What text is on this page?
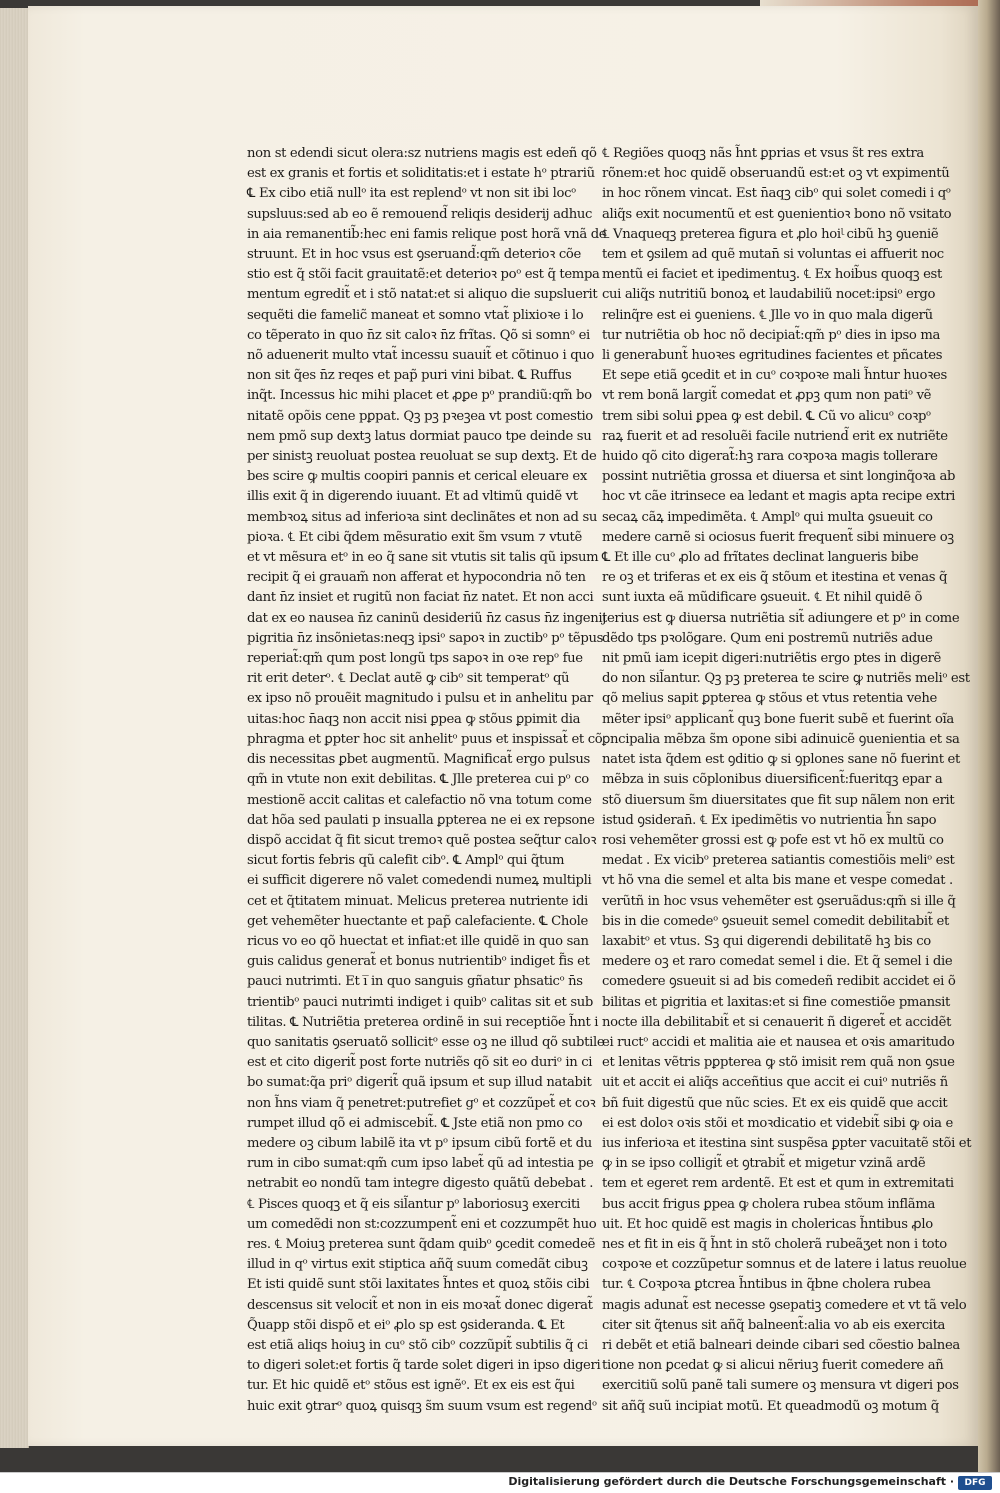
non st edendi sicut olera:sz nutriens magis est edeñ qõ
est ex granis et fortis et soliditatis:et i estate hᵒ ptrariũ
℄ Ex cibo etiã nullᵒ ita est replendᵒ vt non sit ibi locᵒ
supsluus:sed ab eo ẽ remouend̃ reliqis desiderij adhuc
in aia remanentib̃:hec eni famis relique post horã vnã de
struunt. Et in hoc vsus est ꝯseruand̃:qm̃ deterioꝛ cõe
stio est q̃ stõi facit grauitatẽ:et deterioꝛ poᵒ est q̃ tempa
mentum egredit̃ et i stõ natat:et si aliquo die supsluerit
sequẽti die famelic̃ maneat et somno vtat̃ plixioꝛe i lo
co tẽperato in quo n̄z sit caloꝛ n̄z frĩtas. Qõ si somnᵒ ei
nõ aduenerit multo vtat̃ incessu suauit̃ et cõtinuo i quo
non sit q̃es n̄z reqes et pap̃ puri vini bibat. ℄ Ruffus
inq̃t. Incessus hic mihi placet et ꝓꝑe pᵒ prandiũ:qm̃ bo
nitatẽ opõis cene pꝑpat. Qꝫ pꝫ pꝛeꝫea vt post comestio
nem pmõ sup dextꝫ latus dormiat pauco tpe deinde su
per sinistꝫ reuoluat postea reuoluat se sup dextꝫ. Et de
bes scire ꝙ multis coopiri pannis et cerical eleuare ex
illis exit q̃ in digerendo iuuant. Et ad vltimũ quidẽ vt
membꝛoꝝ situs ad inferioꝛa sint declinãtes et non ad su
pioꝛa. ℄ Et cibi q̃dem mẽsuratio exit s̃m vsum ⁊ vtutẽ
et vt mẽsura etᵒ in eo q̃ sane sit vtutis sit talis qũ ipsum
recipit q̃ ei grauam̃ non afferat et hypocondria nõ ten
dant n̄z insiet et rugitũ non faciat n̄z natet. Et non acci
dat ex eo nausea n̄z caninũ desideriũ n̄z casus n̄z ingenij
pigritia n̄z insõnietas:neqꝫ ipsiᵒ sapoꝛ in zuctibᵒ pᵒ tẽpus
reperiat̃:qm̃ qum post longũ tps sapoꝛ in oꝛe repᵒ fue
rit erit deterᵒ. ℄ Declat autẽ ꝙ cibᵒ sit temperatᵒ qũ
ex ipso nõ prouẽit magnitudo i pulsu et in anhelitu par
uitas:hoc n̄aqꝫ non accit nisi ꝑpea ꝙ stõus ꝑpimit dia
phragma et ꝑpter hoc sit anhelitᵒ puus et inspissat̃ et cõ
dis necessitas ꝑbet augmentũ. Magnificat̃ ergo pulsus
qm̃ in vtute non exit debilitas. ℄ Jlle preterea cui pᵒ co
mestionẽ accit calitas et calefactio nõ vna totum come
dat hõa sed paulati p insualla ꝑpterea ne ei ex repsone
dispõ accidat q̃ fit sicut tremoꝛ quẽ postea seq̃tur caloꝛ
sicut fortis febris qũ calefit cibᵒ. ℄ Amplᵒ qui q̃tum
ei sufficit digerere nõ valet comedendi numeꝝ multipli
cet et q̃titatem minuat. Melicus preterea nutriente idi
get vehemẽter huectante et pap̃ calefaciente. ℄ Chole
ricus vo eo qõ huectat et infiat:et ille quidẽ in quo san
guis calidus generat̃ et bonus nutrientibᵒ indiget f̃is et
pauci nutrimti. Et i̅ in quo sanguis gñatur phsaticᵒ n̄s
trientibᵒ pauci nutrimti indiget i quibᵒ calitas sit et sub
tilitas. ℄ Nutriẽtia preterea ordinẽ in sui receptiõe h̃nt i
quo sanitatis ꝯseruatõ sollicitᵒ esse oꝫ ne illud qõ subtile
est et cito digerit̃ post forte nutriẽs qõ sit eo duriᵒ in ci
bo sumat:q̃a priᵒ digerit̃ quã ipsum et sup illud natabit
non h̃ns viam q̃ penetret:putrefiet gᵒ et cozzũpet̃ et coꝛ
rumpet illud qõ ei admiscebit̃. ℄ Jste etiã non pmo co
medere oꝫ cibum labilẽ ita vt pᵒ ipsum cibũ fortẽ et du
rum in cibo sumat:qm̃ cum ipso labet̃ qũ ad intestia pe
netrabit eo nondũ tam integre digesto quãtũ debebat .
℄ Pisces quoqꝫ et q̃ eis sil̃antur pᵒ laboriosuꝫ exerciti
um comedẽdi non st:cozzumpent̃ eni et cozzumpẽt huo
res. ℄ Moiuꝫ preterea sunt q̃dam quibᵒ ꝯcedit comedeẽ
illud in qᵒ virtus exit stiptica añq̃ suum comedãt cibuꝫ
Et isti quidẽ sunt stõi laxitates h̃ntes et quoꝝ stõis cibi
descensus sit velocit̃ et non in eis moꝛat̃ donec digerat̃
Q̃uapp stõi dispõ et eiᵒ ꝓlo sp est ꝯsideranda. ℄ Et
est etiã aliqs hoiuꝫ in cuᵒ stõ cibᵒ cozzũpit̃ subtilis q̃ ci
to digeri solet:et fortis q̃ tarde solet digeri in ipso digeri
tur. Et hic quidẽ etᵒ stõus est ignẽᵒ. Et ex eis est q̃ui
huic exit ꝯtrarᵒ quoꝝ quisqꝫ s̃m suum vsum est regendᵒ
℄ Regiões quoqꝫ nãs h̃nt ꝑprias et vsus s̃t res extra
rõnem:et hoc quidẽ obseruandũ est:et oꝫ vt expimentũ
in hoc rõnem vincat. Est n̄aqꝫ cibᵒ qui solet comedi i qᵒ
aliq̃s exit nocumentũ et est ꝯuenientioꝛ bono nõ vsitato
℄ Vnaqueqꝫ preterea figura et ꝓlo hoiᶩ cibũ hꝫ ꝯueniẽ
tem et ꝯsilem ad quẽ mutan̄ si voluntas ei affuerit noc
mentũ ei faciet et ipedimentuꝫ. ℄ Ex hoib̃us quoqꝫ est
cui aliq̃s nutritiũ bonoꝝ et laudabiliũ nocet:ipsiᵒ ergo
relinq̃re est ei ꝯueniens. ℄ Jlle vo in quo mala digerũ
tur nutriẽtia ob hoc nõ decipiat̃:qm̃ pᵒ dies in ipso ma
li generabunt̃ huoꝛes egritudines facientes et pñcates
Et sepe etiã ꝯcedit et in cuᵒ coꝛpoꝛe mali h̃ntur huoꝛes
vt rem bonã largit̃ comedat et ꝓpꝫ qum non patiᵒ vẽ
trem sibi solui ꝑpea ꝙ est debil. ℄ Cũ vo alicuᵒ coꝛpᵒ
raꝝ fuerit et ad resoluẽi facile nutriend̃ erit ex nutriẽte
huido qõ cito digerat̃:hꝫ rara coꝛpoꝛa magis tollerare
possint nutriẽtia grossa et diuersa et sint longinq̃oꝛa ab
hoc vt cãe itrinsece ea ledant et magis apta recipe extri
secaꝝ cãꝝ impedimẽta. ℄ Amplᵒ qui multa ꝯsueuit co
medere carnẽ si ociosus fuerit frequent̃ sibi minuere oꝫ
℄ Et ille cuᵒ ꝓlo ad frĩtates declinat langueris bibe
re oꝫ et triferas et ex eis q̃ stõum et itestina et venas q̃
sunt iuxta eã mũdificare ꝯsueuit. ℄ Et nihil quidẽ õ
terius est ꝙ diuersa nutriẽtia sit̃ adiungere et pᵒ in come
dẽdo tps pꝛolõgare. Qum eni postremũ nutriẽs adue
nit pmũ iam icepit digeri:nutriẽtis ergo ptes in digerẽ
do non sil̃antur. Qꝫ pꝫ preterea te scire ꝙ nutriẽs meliᵒ est
qõ melius sapit ꝑpterea ꝙ stõus et vtus retentia vehe
mẽter ipsiᵒ applicant̃ quꝫ bone fuerit subẽ et fuerint oĩa
ꝑncipalia mẽbza s̃m opone sibi adinuicẽ ꝯuenientia et sa
natet ista q̃dem est ꝯditio ꝙ si ꝯplones sane nõ fuerint et
mẽbza in suis cõplonibus diuersificent̃:fueritqꝫ epar a
stõ diuersum s̃m diuersitates que fit sup nãlem non erit
istud ꝯsideran̄. ℄ Ex ipedimẽtis vo nutrientia h̃n sapo
rosi vehemẽter grossi est ꝙ pofe est vt hõ ex multũ co
medat . Ex vicibᵒ preterea satiantis comestiõis meliᵒ est
vt hõ vna die semel et alta bis mane et vespe comedat .
verũtñ in hoc vsus vehemẽter est ꝯseruãdus:qm̃ si ille q̃
bis in die comedeᵒ ꝯsueuit semel comedit debilitabit̃ et
laxabitᵒ et vtus. Sꝫ qui digerendi debilitatẽ hꝫ bis co
medere oꝫ et raro comedat semel i die. Et q̃ semel i die
comedere ꝯsueuit si ad bis comedeñ redibit accidet ei õ
bilitas et pigritia et laxitas:et si fine comestiõe pmansit
nocte illa debilitabit̃ et si cenauerit ñ digeret̃ et accidẽt
ei ructᵒ accidi et malitia aie et nausea et oꝛis amaritudo
et lenitas vẽtris pꝑpterea ꝙ stõ imisit rem quã non ꝯsue
uit et accit ei aliq̃s acceñtius que accit ei cuiᵒ nutriẽs ñ
bñ fuit digestũ que nũc scies. Et ex eis quidẽ que accit
ei est doloꝛ oꝛis stõi et moꝛdicatio et videbit̃ sibi ꝙ oia e
ius inferioꝛa et itestina sint suspẽsa ꝑpter vacuitatẽ stõi et
ꝙ in se ipso colligit̃ et ꝯtrabit̃ et migetur vzinã ardẽ
tem et egeret rem ardentẽ. Et est et qum in extremitati
bus accit frigus ꝑpea ꝙ cholera rubea stõum inflãma
uit. Et hoc quidẽ est magis in cholericas h̃ntibus ꝓlo
nes et fit in eis q̃ h̃nt in stõ cholerã rubeãʒet non i toto
coꝛpoꝛe et cozzũpetur somnus et de latere i latus reuolue
tur. ℄ Coꝛpoꝛa ꝑtcrea h̃ntibus in q̃bne cholera rubea
magis adunat̃ est necesse ꝯsepatiꝫ comedere et vt tã velo
citer sit q̃tenus sit añq̃ balneent̃:alia vo ab eis exercita
ri debẽt et etiã balneari deinde cibari sed cõestio balnea
tione non ꝑcedat ꝙ si alicui nẽriuꝫ fuerit comedere añ
exercitiũ solũ panẽ tali sumere oꝫ mensura vt digeri pos
sit añq̃ suũ incipiat motũ. Et queadmodũ oꝫ motum q̃
Digitalisierung gefördert durch die Deutsche Forschungsgemeinschaft ·	DFG
